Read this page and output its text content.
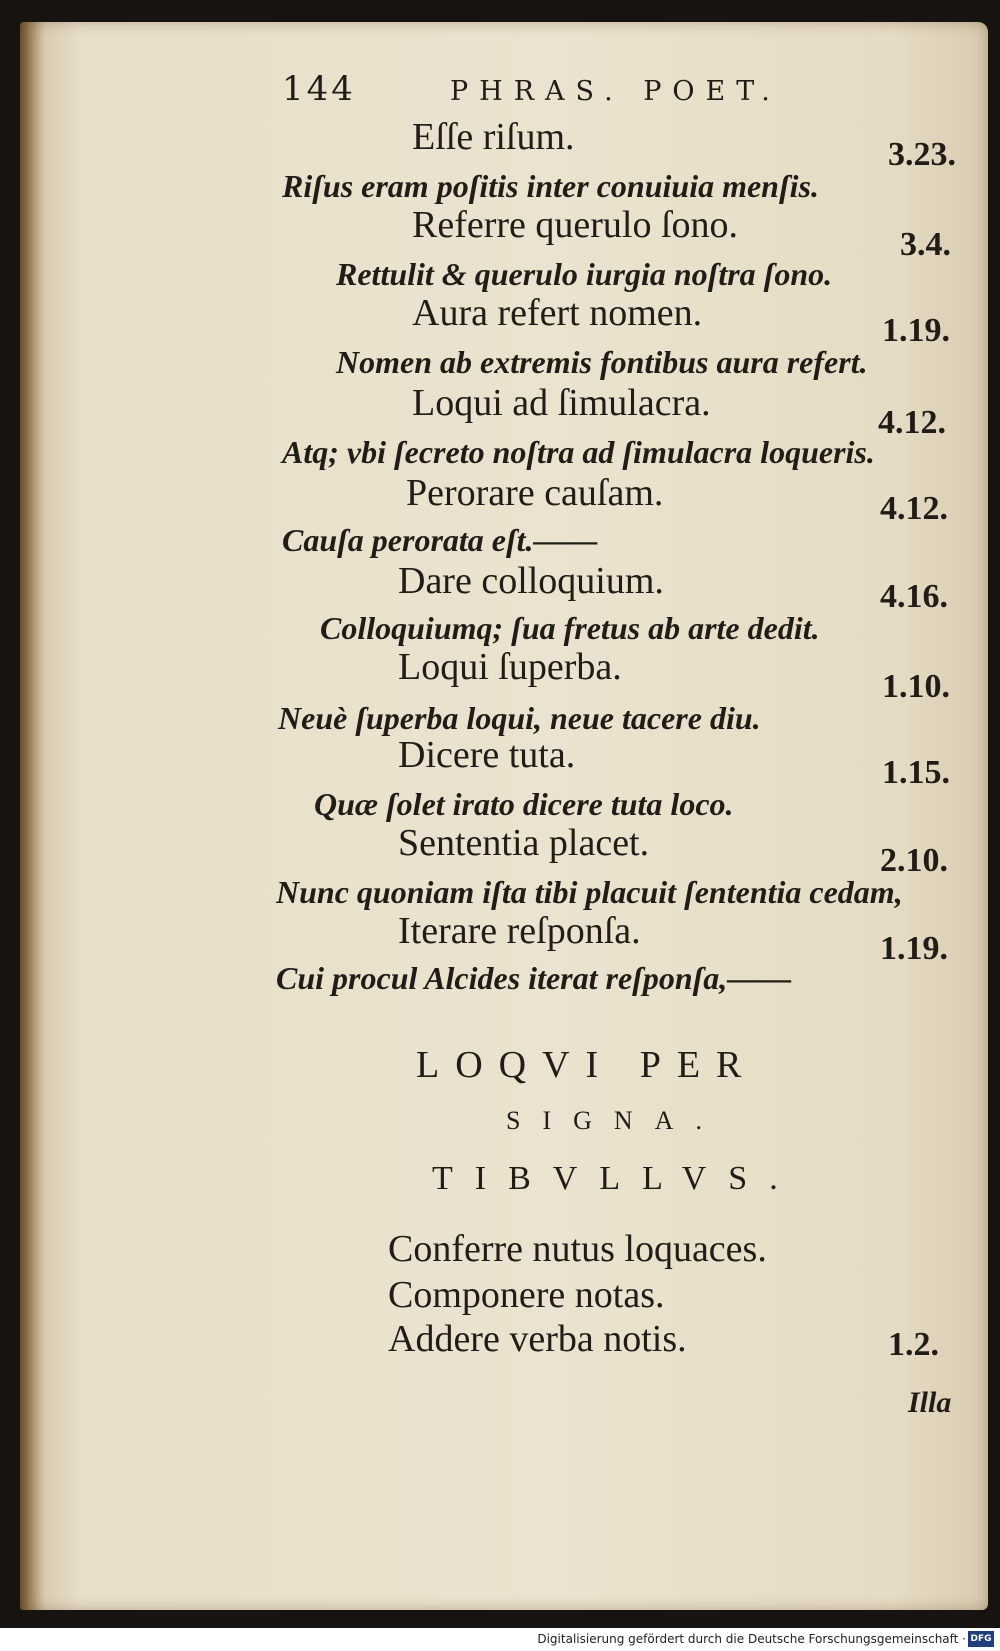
144	PHRAS. POET.
Eſſe riſum.	3.23.
Riſus eram poſitis inter conuiuia menſis.
Referre querulo ſono.	3.4.
Rettulit & querulo iurgia noſtra ſono.
Aura refert nomen.	1.19.
Nomen ab extremis fontibus aura refert.
Loqui ad ſimulacra.	4.12.
Atq; vbi ſecreto noſtra ad ſimulacra loqueris.
Perorare cauſam.	4.12.
Cauſa perorata eſt.——
Dare colloquium.	4.16.
Colloquiumq; ſua fretus ab arte dedit.
Loqui ſuperba.	1.10.
Neuè ſuperba loqui, neue tacere diu.
Dicere tuta.	1.15.
Quæ ſolet irato dicere tuta loco.
Sententia placet.	2.10.
Nunc quoniam iſta tibi placuit ſententia cedam,
Iterare reſponſa.	1.19.
Cui procul Alcides iterat reſponſa,——
LOQVI PER
SIGNA.
TIBVLLVS.
Conferre nutus loquaces.
Componere notas.
Addere verba notis.	1.2.
Illa
Digitalisierung gefördert durch die Deutsche Forschungsgemeinschaft · DFG
